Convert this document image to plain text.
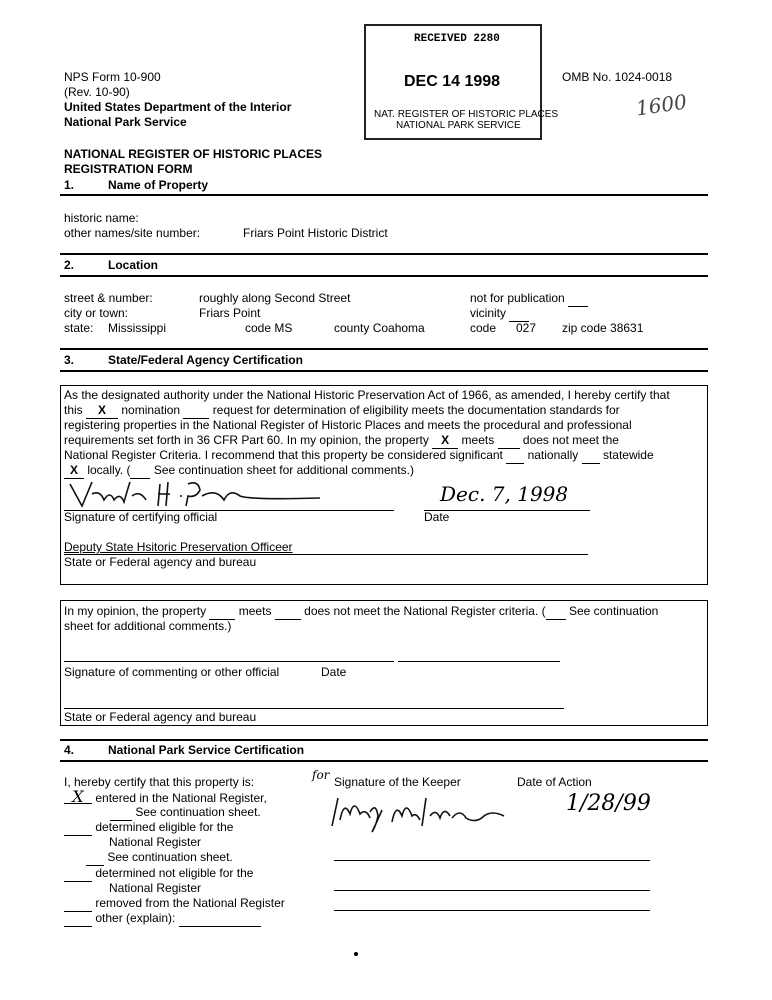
NPS Form 10-900
(Rev. 10-90)
United States Department of the Interior
National Park Service
OMB No. 1024-0018
1600
RECEIVED 2280
DEC 14 1998
NAT. REGISTER OF HISTORIC PLACES
NATIONAL PARK SERVICE
NATIONAL REGISTER OF HISTORIC PLACES
REGISTRATION FORM
1.	Name of Property
historic name:
other names/site number:	Friars Point Historic District
2.	Location
street & number:	roughly along Second Street	not for publication
city or town:	Friars Point	vicinity
state: Mississippi	code MS	county Coahoma	code 027 zip code 38631
3.	State/Federal Agency Certification
As the designated authority under the National Historic Preservation Act of 1966, as amended, I hereby certify that
this X nomination	request for determination of eligibility meets the documentation standards for
registering properties in the National Register of Historic Places and meets the procedural and professional
requirements set forth in 36 CFR Part 60. In my opinion, the property X meets does not meet the
National Register Criteria. I recommend that this property be considered significant nationally statewide
X locally. ( See continuation sheet for additional comments.)
Dec. 7, 1998
Signature of certifying official	Date
Deputy State Hsitoric Preservation Officeer
State or Federal agency and bureau
In my opinion, the property	meets	does not meet the National Register criteria. ( See continuation
sheet for additional comments.)
Signature of commenting or other official	Date
State or Federal agency and bureau
4.	National Park Service Certification
I, hereby certify that this property is:
X entered in the National Register,
See continuation sheet.
determined eligible for the
National Register
See continuation sheet.
determined not eligible for the
National Register
removed from the National Register
other (explain):
for Signature of the Keeper	Date of Action
1/28/99
